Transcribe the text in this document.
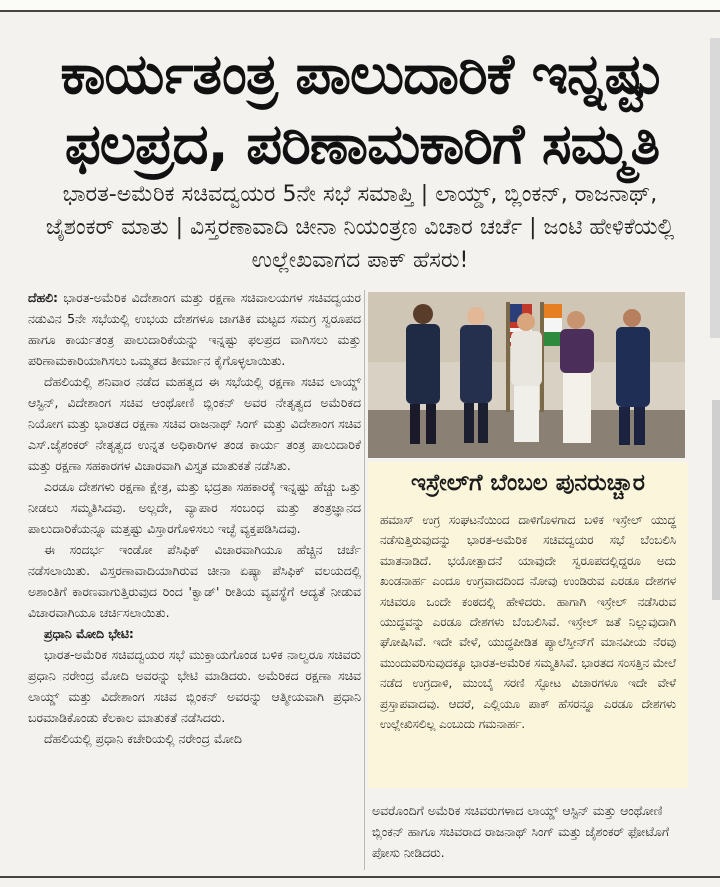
ಕಾರ್ಯತಂತ್ರ ಪಾಲುದಾರಿಕೆ ಇನ್ನಷ್ಟು
ಫಲಪ್ರದ, ಪರಿಣಾಮಕಾರಿಗೆ ಸಮ್ಮತಿ
ಭಾರತ-ಅಮೆರಿಕ ಸಚಿವದ್ವಯರ 5ನೇ ಸಭೆ ಸಮಾಪ್ತಿ | ಲಾಯ್ಡ್, ಬ್ಲಿಂಕನ್, ರಾಜನಾಥ್, ಜೈಶಂಕರ್ ಮಾತು | ವಿಸ್ತರಣಾವಾದಿ ಚೀನಾ ನಿಯಂತ್ರಣ ವಿಚಾರ ಚರ್ಚೆ | ಜಂಟಿ ಹೇಳಿಕೆಯಲ್ಲಿ ಉಲ್ಲೇಖವಾಗದ ಪಾಕ್ ಹೆಸರು!

ದೆಹಲಿ: ಭಾರತ-ಅಮೆರಿಕ ವಿದೇಶಾಂಗ ಮತ್ತು ರಕ್ಷಣಾ ಸಚಿವಾಲಯಗಳ ಸಚಿವದ್ವಯರ ನಡುವಿನ 5ನೇ ಸಭೆಯಲ್ಲಿ ಉಭಯ ದೇಶಗಳೂ ಜಾಗತಿಕ ಮಟ್ಟದ ಸಮಗ್ರ ಸ್ವರೂಪದ ಹಾಗೂ ಕಾರ್ಯತಂತ್ರ ಪಾಲುದಾರಿಕೆಯನ್ನು ಇನ್ನಷ್ಟು ಫಲಪ್ರದ ವಾಗಿಸಲು ಮತ್ತು ಪರಿಣಾಮಕಾರಿಯಾಗಿಸಲು ಒಮ್ಮತದ ತೀರ್ಮಾನ ಕೈಗೊಳ್ಳಲಾಯಿತು.

ದೆಹಲಿಯಲ್ಲಿ ಶನಿವಾರ ನಡೆದ ಮಹತ್ವದ ಈ ಸಭೆಯಲ್ಲಿ ರಕ್ಷಣಾ ಸಚಿವ ಲಾಯ್ಡ್ ಆಸ್ಟಿನ್, ವಿದೇಶಾಂಗ ಸಚಿವ ಆಂಥೋಣಿ ಬ್ಲಿಂಕನ್ ಅವರ ನೇತೃತ್ವದ ಅಮೆರಿಕದ ನಿಯೋಗ ಮತ್ತು ಭಾರತದ ರಕ್ಷಣಾ ಸಚಿವ ರಾಜನಾಥ್ ಸಿಂಗ್ ಮತ್ತು ವಿದೇಶಾಂಗ ಸಚಿವ ಎಸ್.ಜೈಶಂಕರ್ ನೇತೃತ್ವದ ಉನ್ನತ ಅಧಿಕಾರಿಗಳ ತಂಡ ಕಾರ್ಯ ತಂತ್ರ ಪಾಲುದಾರಿಕೆ ಮತ್ತು ರಕ್ಷಣಾ ಸಹಕಾರಗಳ ವಿಚಾರವಾಗಿ ವಿಸ್ತೃತ ಮಾತುಕತೆ ನಡೆಸಿತು.

ಎರಡೂ ದೇಶಗಳು ರಕ್ಷಣಾ ಕ್ಷೇತ್ರ, ಮತ್ತು ಭದ್ರತಾ ಸಹಕಾರಕ್ಕೆ ಇನ್ನಷ್ಟು ಹೆಚ್ಚು ಒತ್ತು ನೀಡಲು ಸಮ್ಮತಿಸಿದವು. ಅಲ್ಲದೇ, ವ್ಯಾಪಾರ ಸಂಬಂಧ ಮತ್ತು ತಂತ್ರಜ್ಞಾನದ ಪಾಲುದಾರಿಕೆಯನ್ನೂ ಮತ್ತಷ್ಟು ವಿಸ್ತಾರಗೊಳಿಸಲು ಇಚ್ಛೆ ವ್ಯಕ್ತಪಡಿಸಿದವು.

ಈ ಸಂದರ್ಭ ಇಂಡೋ ಪೆಸಿಫಿಕ್ ವಿಚಾರವಾಗಿಯೂ ಹೆಚ್ಚಿನ ಚರ್ಚೆ ನಡೆಸಲಾಯಿತು. ವಿಸ್ತರಣಾವಾದಿಯಾಗಿರುವ ಚೀನಾ ಏಷ್ಯಾ ಪೆಸಿಫಿಕ್ ವಲಯದಲ್ಲಿ ಅಶಾಂತಿಗೆ ಕಾರಣವಾಗುತ್ತಿರುವುದ ರಿಂದ 'ಕ್ವಾಡ್' ರೀತಿಯ ವ್ಯವಸ್ಥೆಗೆ ಆದ್ಯತೆ ನೀಡುವ ವಿಚಾರವಾಗಿಯೂ ಚರ್ಚಿಸಲಾಯಿತು.

ಪ್ರಧಾನಿ ಮೋದಿ ಭೇಟಿ:

ಭಾರತ-ಅಮೆರಿಕ ಸಚಿವದ್ವಯರ ಸಭೆ ಮುಕ್ತಾಯಗೊಂಡ ಬಳಿಕ ನಾಲ್ವರೂ ಸಚಿವರು ಪ್ರಧಾನಿ ನರೇಂದ್ರ ಮೋದಿ ಅವರನ್ನು ಭೇಟಿ ಮಾಡಿದರು. ಅಮೆರಿಕದ ರಕ್ಷಣಾ ಸಚಿವ ಲಾಯ್ಡ್ ಮತ್ತು ವಿದೇಶಾಂಗ ಸಚಿವ ಬ್ಲಿಂಕನ್ ಅವರನ್ನು ಆತ್ಮೀಯವಾಗಿ ಪ್ರಧಾನಿ ಬರಮಾಡಿಕೊಂಡು ಕೆಲಕಾಲ ಮಾತುಕತೆ ನಡೆಸಿದರು.

ದೆಹಲಿಯಲ್ಲಿ ಪ್ರಧಾನಿ ಕಚೇರಿಯಲ್ಲಿ ನರೇಂದ್ರ ಮೋದಿ

ಇಸ್ರೇಲ್‌ಗೆ ಬೆಂಬಲ ಪುನರುಚ್ಚಾರ
ಹಮಾಸ್ ಉಗ್ರ ಸಂಘಟನೆಯಿಂದ ದಾಳಿಗೊಳಗಾದ ಬಳಿಕ ಇಸ್ರೇಲ್ ಯುದ್ಧ ನಡೆಸುತ್ತಿರುವುದನ್ನು ಭಾರತ-ಅಮೆರಿಕ ಸಚಿವದ್ವಯರ ಸಭೆ ಬೆಂಬಲಿಸಿ ಮಾತನಾಡಿದೆ. ಭಯೋತ್ಪಾದನೆ ಯಾವುದೇ ಸ್ವರೂಪದಲ್ಲಿದ್ದರೂ ಅದು ಖಂಡನಾರ್ಹ ಎಂದೂ ಉಗ್ರವಾದದಿಂದ ನೋವು ಉಂಡಿರುವ ಎರಡೂ ದೇಶಗಳ ಸಚಿವರೂ ಒಂದೇ ಕಂಠದಲ್ಲಿ ಹೇಳಿದರು. ಹಾಗಾಗಿ ಇಸ್ರೇಲ್ ನಡೆಸಿರುವ ಯುದ್ಧವನ್ನು ಎರಡೂ ದೇಶಗಳು ಬೆಂಬಲಿಸಿವೆ. ಇಸ್ರೇಲ್ ಜತೆ ನಿಲ್ಲುವುದಾಗಿ ಘೋಷಿಸಿವೆ. ಇದೇ ವೇಳೆ, ಯುದ್ಧಪೀಡಿತ ಪ್ಯಾಲೆಸ್ತೀನ್‌ಗೆ ಮಾನವೀಯ ನೆರವು ಮುಂದುವರಿಸುವುದಕ್ಕೂ ಭಾರತ-ಅಮೆರಿಕ ಸಮ್ಮತಿಸಿವೆ. ಭಾರತದ ಸಂಸತ್ತಿನ ಮೇಲೆ ನಡೆದ ಉಗ್ರದಾಳಿ, ಮುಂಬೈ ಸರಣಿ ಸ್ಫೋಟ ವಿಚಾರಗಳೂ ಇದೇ ವೇಳೆ ಪ್ರಸ್ತಾಪವಾದವು. ಆದರೆ, ಎಲ್ಲಿಯೂ ಪಾಕ್ ಹೆಸರನ್ನೂ ಎರಡೂ ದೇಶಗಳು ಉಲ್ಲೇಖಿಸಲಿಲ್ಲ ಎಂಬುದು ಗಮನಾರ್ಹ.
ಅವರೊಂದಿಗೆ ಅಮೆರಿಕ ಸಚಿವರುಗಳಾದ ಲಾಯ್ಡ್ ಆಸ್ಟಿನ್ ಮತ್ತು ಆಂಥೋಣಿ ಬ್ಲಿಂಕನ್ ಹಾಗೂ ಸಚಿವರಾದ ರಾಜನಾಥ್ ಸಿಂಗ್ ಮತ್ತು ಜೈಶಂಕರ್ ಫೋಟೊಗೆ ಪೋಸು ನೀಡಿದರು.
